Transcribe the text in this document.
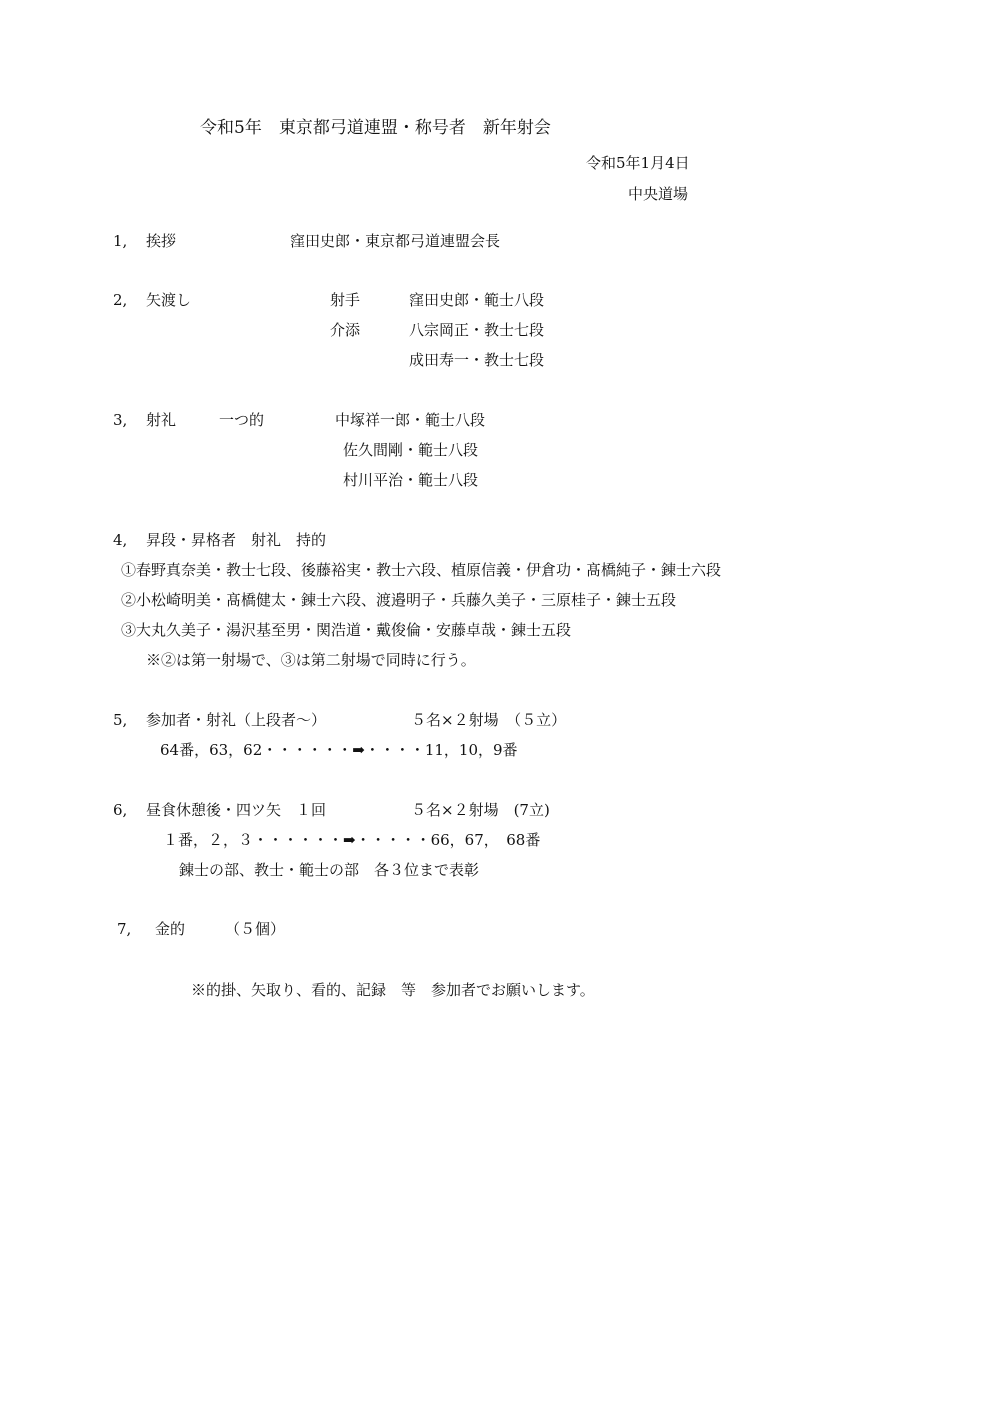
令和5年　東京都弓道連盟・称号者　新年射会
令和5年1月4日
中央道場
1, 挨拶	窪田史郎・東京都弓道連盟会長
2, 矢渡し	射手	窪田史郎・範士八段
介添	八宗岡正・教士七段
成田寿一・教士七段
3, 射礼	一つ的	中塚祥一郎・範士八段
佐久間剛・範士八段
村川平治・範士八段
4, 昇段・昇格者　射礼　持的
①春野真奈美・教士七段、後藤裕実・教士六段、植原信義・伊倉功・髙橋純子・錬士六段
②小松崎明美・髙橋健太・錬士六段、渡邉明子・兵藤久美子・三原桂子・錬士五段
③大丸久美子・湯沢基至男・関浩道・戴俊倫・安藤卓哉・錬士五段
※②は第一射場で、③は第二射場で同時に行う。
5, 参加者・射礼（上段者～）	５名×２射場　（５立）
64番，63，62・・・・・・➡・・・・11，10，9番
6, 昼食休憩後・四ツ矢　１回	５名×２射場　(7立)
１番，２，３・・・・・・➡・・・・・66，67，　68番
錬士の部、教士・範士の部　各３位まで表彰
7, 金的	（５個）
※的掛、矢取り、看的、記録　等　参加者でお願いします。
